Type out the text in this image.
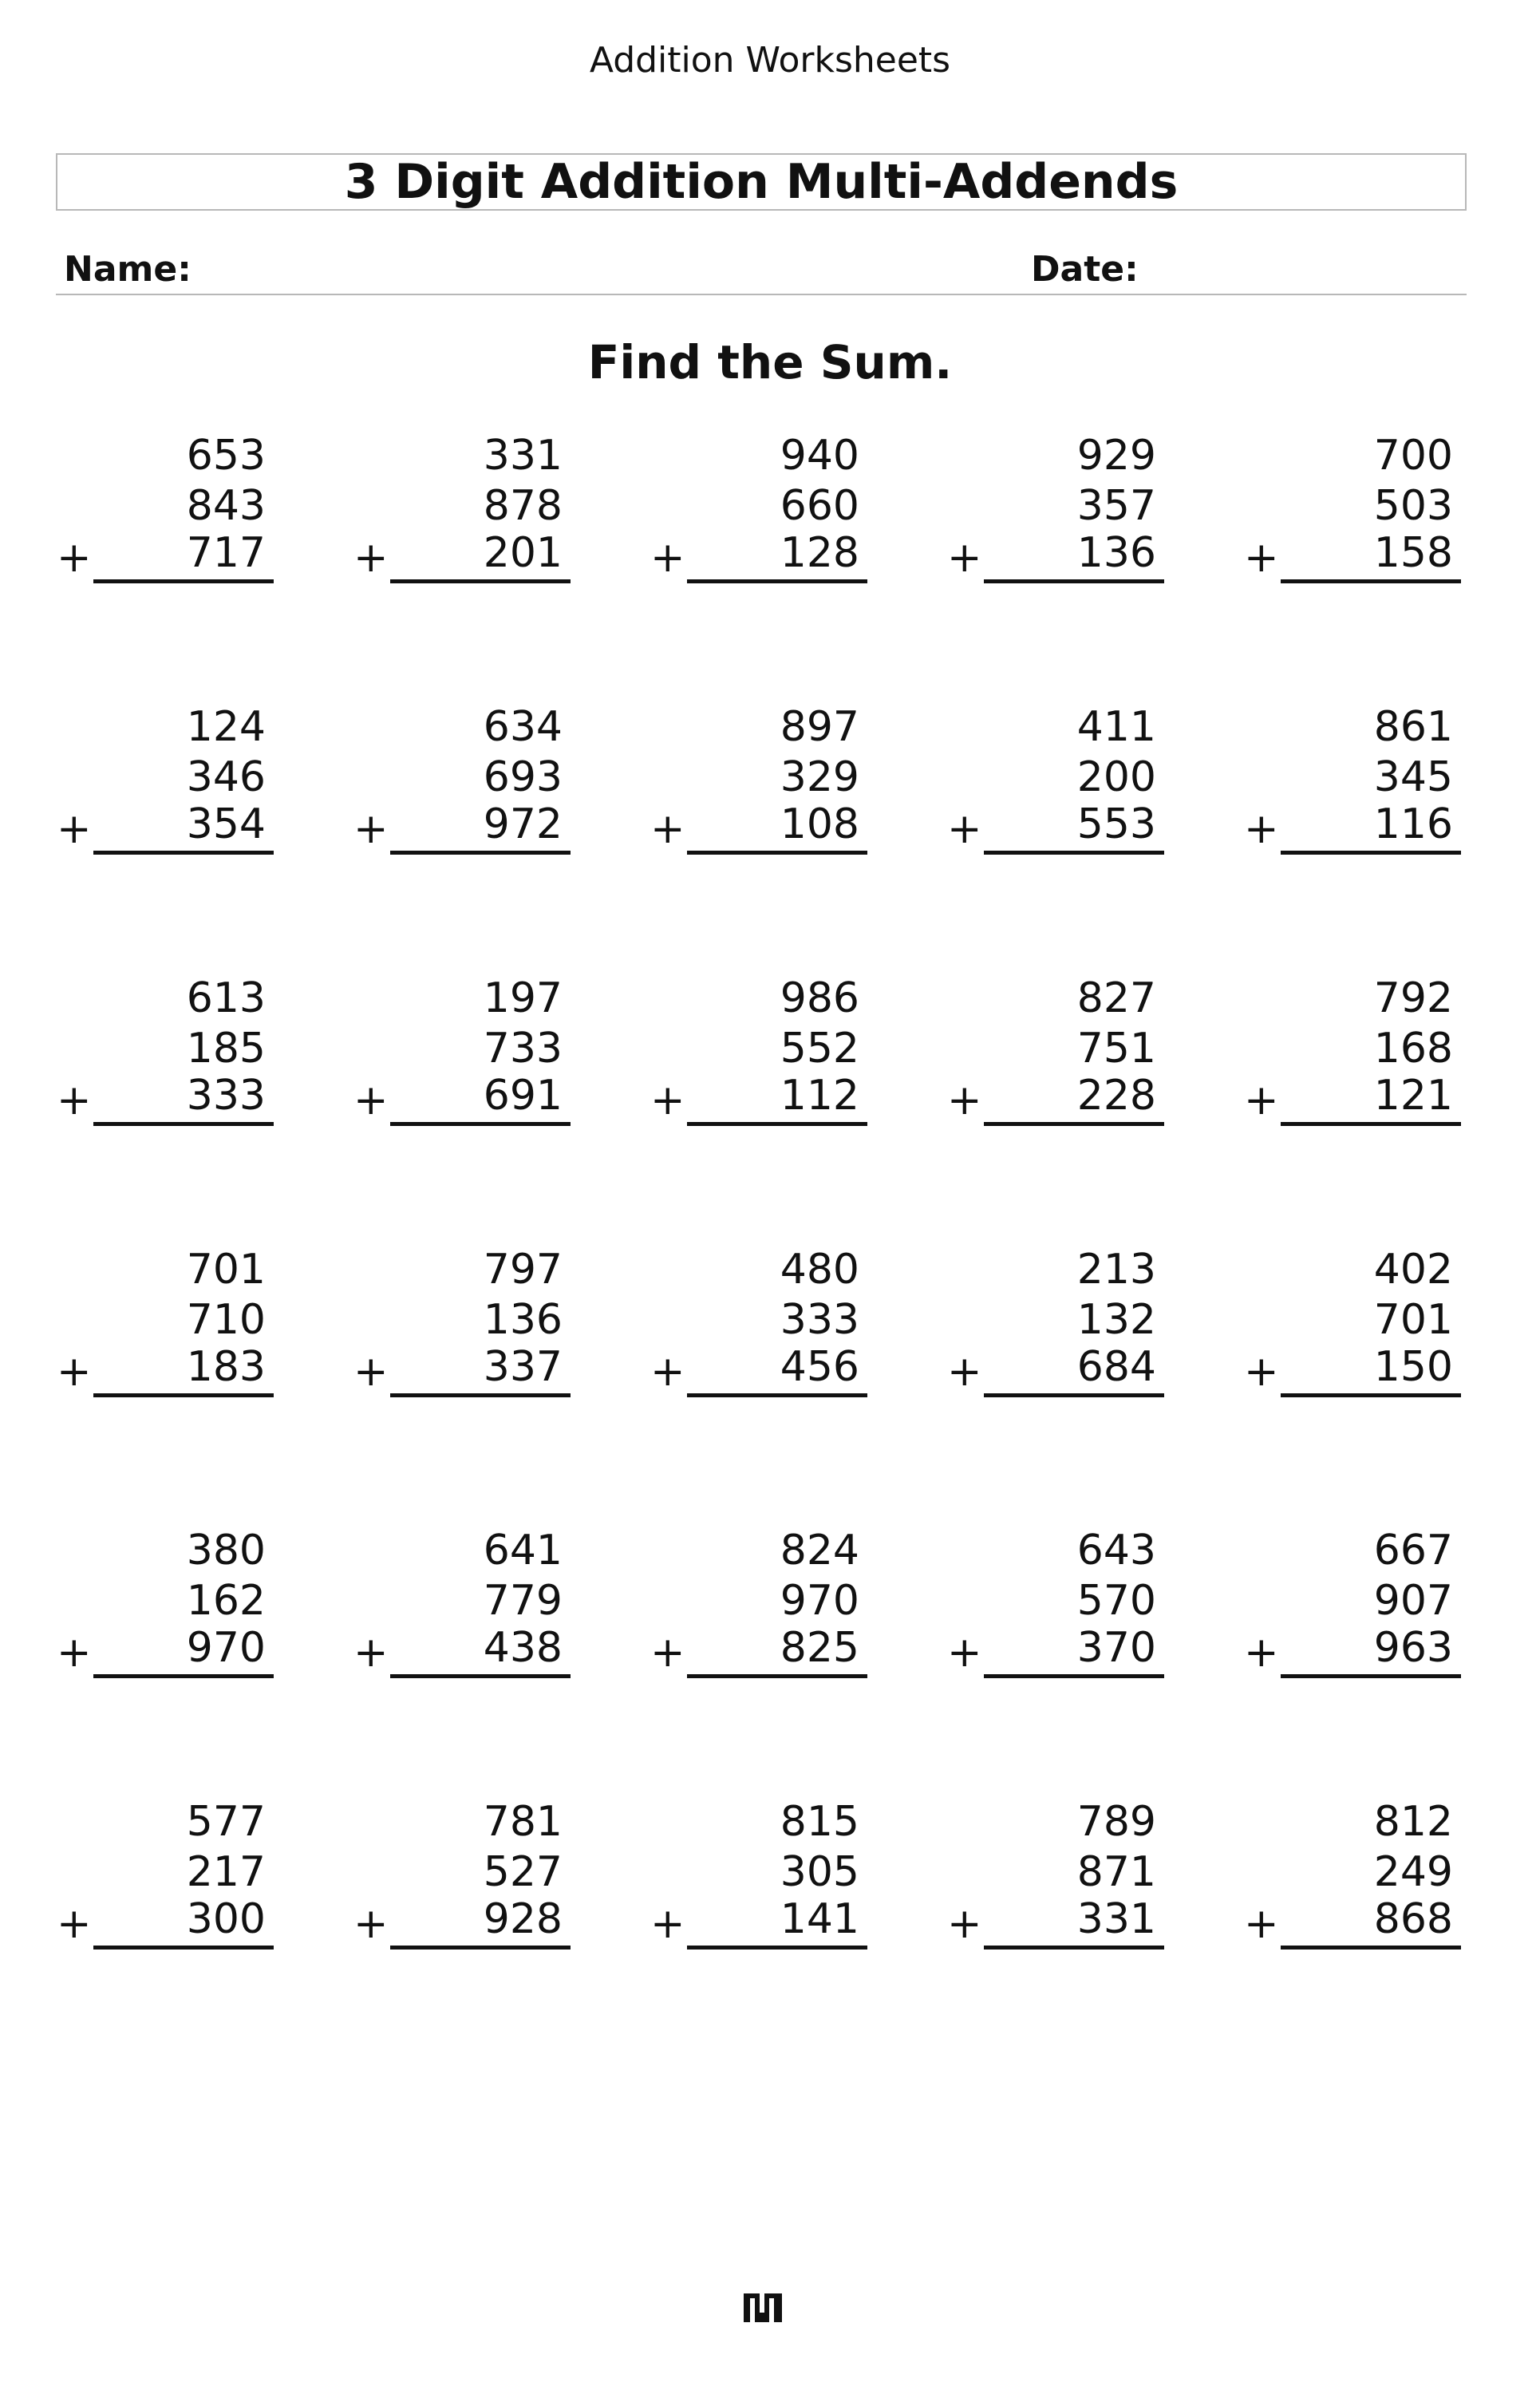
Addition Worksheets
3 Digit Addition Multi-Addends
Name:	Date:
Find the Sum.
653
843
717
+
331
878
201
+
940
660
128
+
929
357
136
+
700
503
158
+
124
346
354
+
634
693
972
+
897
329
108
+
411
200
553
+
861
345
116
+
613
185
333
+
197
733
691
+
986
552
112
+
827
751
228
+
792
168
121
+
701
710
183
+
797
136
337
+
480
333
456
+
213
132
684
+
402
701
150
+
380
162
970
+
641
779
438
+
824
970
825
+
643
570
370
+
667
907
963
+
577
217
300
+
781
527
928
+
815
305
141
+
789
871
331
+
812
249
868
+
